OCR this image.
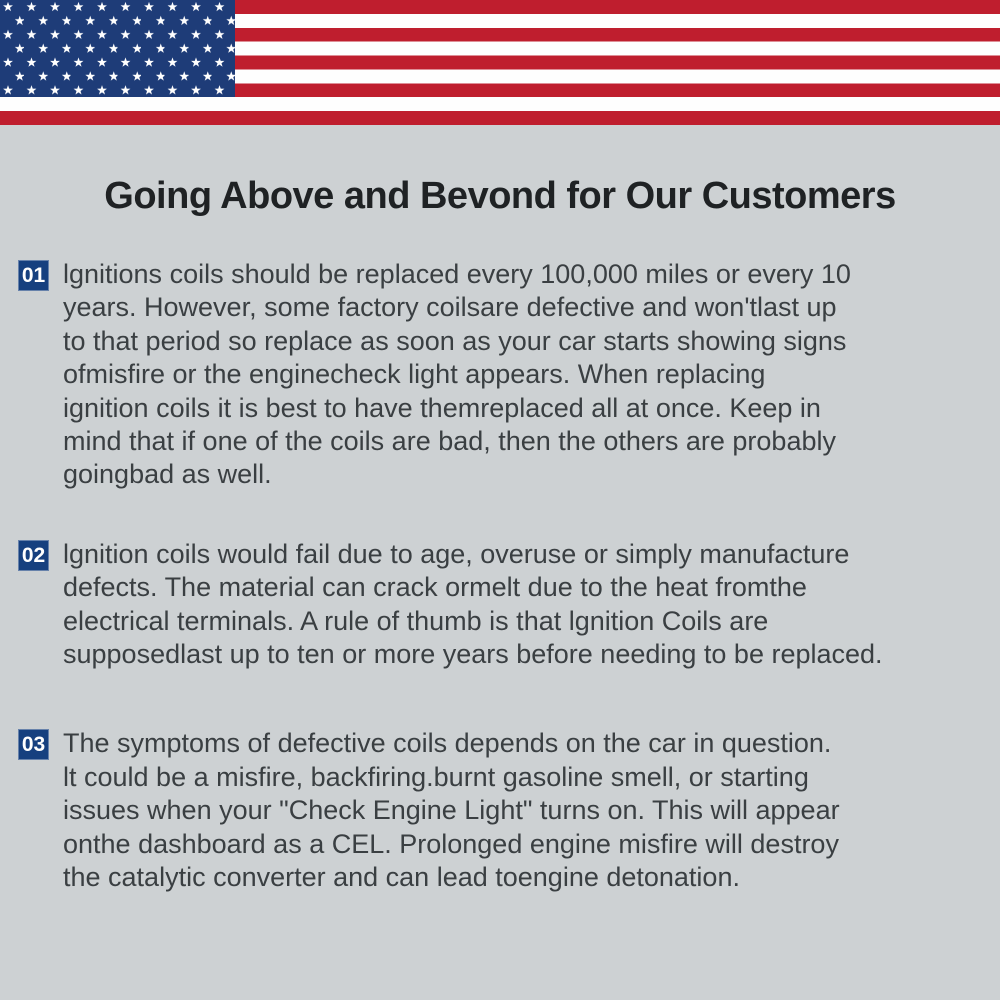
Going Above and Bevond for Our Customers
01 lgnitions coils should be replaced every 100,000 miles or every 10
years. However, some factory coilsare defective and won'tlast up
to that period so replace as soon as your car starts showing signs
ofmisfire or the enginecheck light appears. When replacing
ignition coils it is best to have themreplaced all at once. Keep in
mind that if one of the coils are bad, then the others are probably
goingbad as well.
02 lgnition coils would fail due to age, overuse or simply manufacture
defects. The material can crack ormelt due to the heat fromthe
electrical terminals. A rule of thumb is that lgnition Coils are
supposedlast up to ten or more years before needing to be replaced.
03 The symptoms of defective coils depends on the car in question.
lt could be a misfire, backfiring.burnt gasoline smell, or starting
issues when your "Check Engine Light" turns on. This will appear
onthe dashboard as a CEL. Prolonged engine misfire will destroy
the catalytic converter and can lead toengine detonation.
